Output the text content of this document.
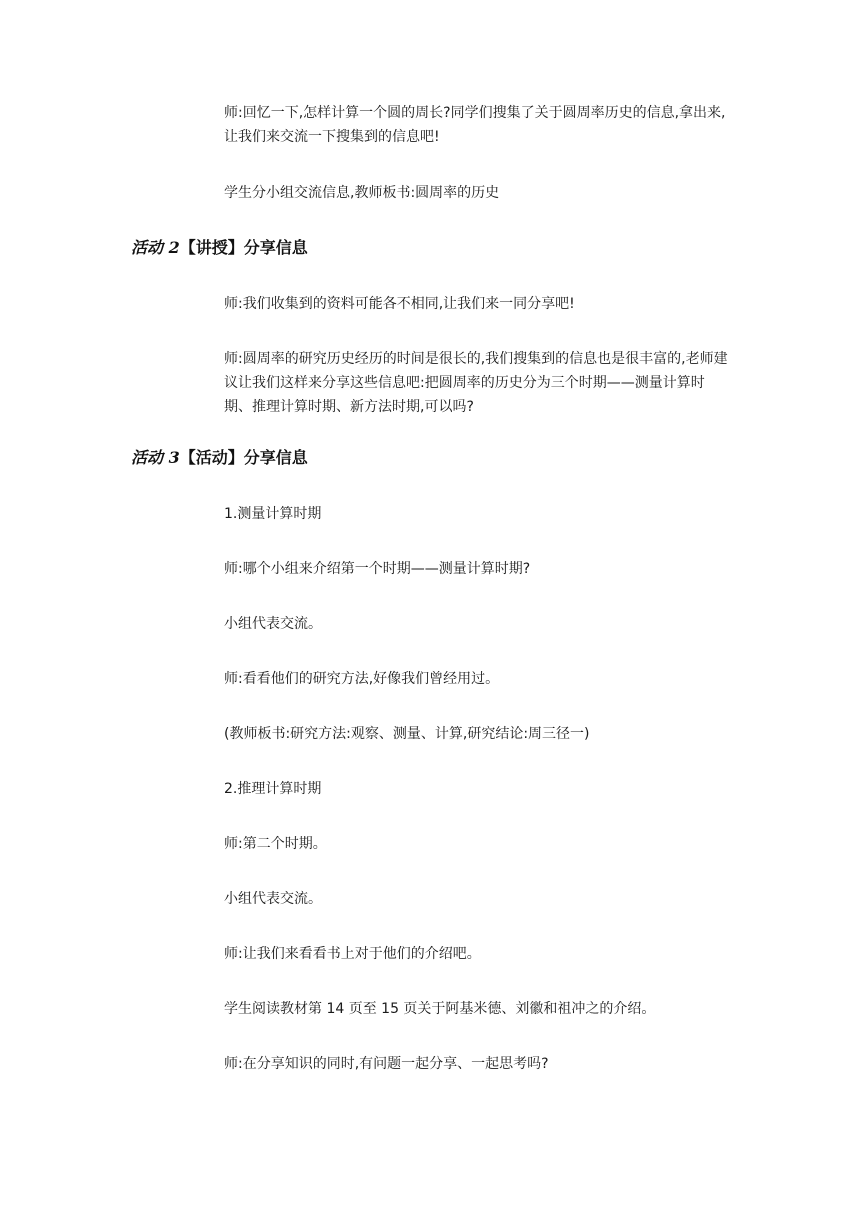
师:回忆一下,怎样计算一个圆的周长?同学们搜集了关于圆周率历史的信息,拿出来,让我们来交流一下搜集到的信息吧!

学生分小组交流信息,教师板书:圆周率的历史

活动 2【讲授】分享信息

师:我们收集到的资料可能各不相同,让我们来一同分享吧!

师:圆周率的研究历史经历的时间是很长的,我们搜集到的信息也是很丰富的,老师建议让我们这样来分享这些信息吧:把圆周率的历史分为三个时期——测量计算时期、推理计算时期、新方法时期,可以吗?

活动 3【活动】分享信息

1.测量计算时期

师:哪个小组来介绍第一个时期——测量计算时期?

小组代表交流。

师:看看他们的研究方法,好像我们曾经用过。

(教师板书:研究方法:观察、测量、计算,研究结论:周三径一)

2.推理计算时期

师:第二个时期。

小组代表交流。

师:让我们来看看书上对于他们的介绍吧。

学生阅读教材第 14 页至 15 页关于阿基米德、刘徽和祖冲之的介绍。

师:在分享知识的同时,有问题一起分享、一起思考吗?
